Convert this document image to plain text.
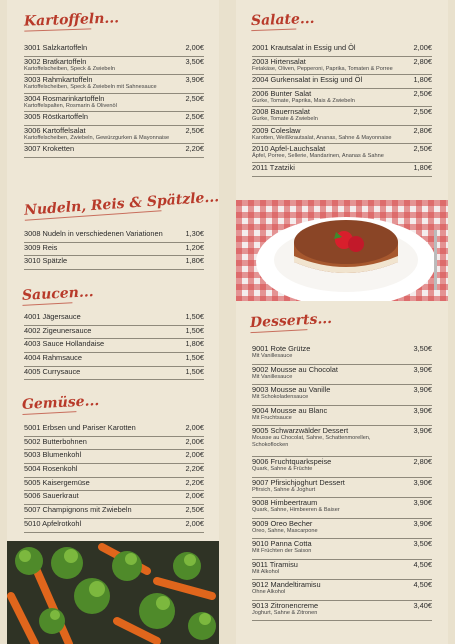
Kartoffeln...
3001 Salzkartoffeln	2,00€
3002 Bratkartoffeln
Kartoffelscheiben, Speck & Zwiebeln
3,50€
3003 Rahmkartoffeln
Kartoffelscheiben, Speck & Zwiebeln mit Sahnesauce
3,90€
3004 Rosmarinkartoffeln
Kartoffelspalten, Rosmarin & Olivenöl
2,50€
3005 Röstkartoffeln	2,50€
3006 Kartoffelsalat
Kartoffelscheiben, Zwiebeln, Gewürzgurken & Mayonnaise
2,50€
3007 Kroketten	2,20€
Nudeln, Reis & Spätzle...
3008 Nudeln in verschiedenen Variationen	1,30€
3009 Reis	1,20€
3010 Spätzle	1,80€
Saucen...
4001 Jägersauce	1,50€
4002 Zigeunersauce	1,50€
4003 Sauce Hollandaise	1,80€
4004 Rahmsauce	1,50€
4005 Currysauce	1,50€
Gemüse...
5001 Erbsen und Pariser Karotten	2,00€
5002 Butterbohnen	2,00€
5003 Blumenkohl	2,00€
5004 Rosenkohl	2,20€
5005 Kaisergemüse	2,20€
5006 Sauerkraut	2,00€
5007 Champignons mit Zwiebeln	2,50€
5010 Apfelrotkohl	2,00€
Salate...
2001 Krautsalat in Essig und Öl	2,00€
2003 Hirtensalat
Fetakäse, Oliven, Pepperoni, Paprika, Tomaten & Porree
2,80€
2004 Gurkensalat in Essig und Öl	1,80€
2006 Bunter Salat
Gurke, Tomate, Paprika, Mais & Zwiebeln
2,50€
2008 Bauernsalat
Gurke, Tomate & Zwiebeln
2,50€
2009 Coleslaw
Karotten, Weißkrautsalat, Ananas, Sahne & Mayonnaise
2,80€
2010 Apfel-Lauchsalat
Äpfel, Porree, Sellerie, Mandarinen, Ananas & Sahne
2,50€
2011 Tzatziki	1,80€
Desserts...
9001 Rote Grütze
Mit Vanillesauce
3,50€
9002 Mousse au Chocolat
Mit Vanillesauce
3,90€
9003 Mousse au Vanille
Mit Schokoladensauce
3,90€
9004 Mousse au Blanc
Mit Fruchtsauce
3,90€
9005 Schwarzwälder Dessert
Mousse au Chocolat, Sahne, Schattenmorellen,
Schokoflocken
3,90€
9006 Fruchtquarkspeise
Quark, Sahne & Früchte
2,80€
9007 Pfirsichjoghurt Dessert
Pfirsich, Sahne & Joghurt
3,90€
9008 Himbeertraum
Quark, Sahne, Himbeeren & Baiser
3,90€
9009 Oreo Becher
Oreo, Sahne, Mascarpone
3,90€
9010 Panna Cotta
Mit Früchten der Saison
3,50€
9011 Tiramisu
Mit Alkohol
4,50€
9012 Mandeltiramisu
Ohne Alkohol
4,50€
9013 Zitronencreme
Joghurt, Sahne & Zitronen
3,40€
